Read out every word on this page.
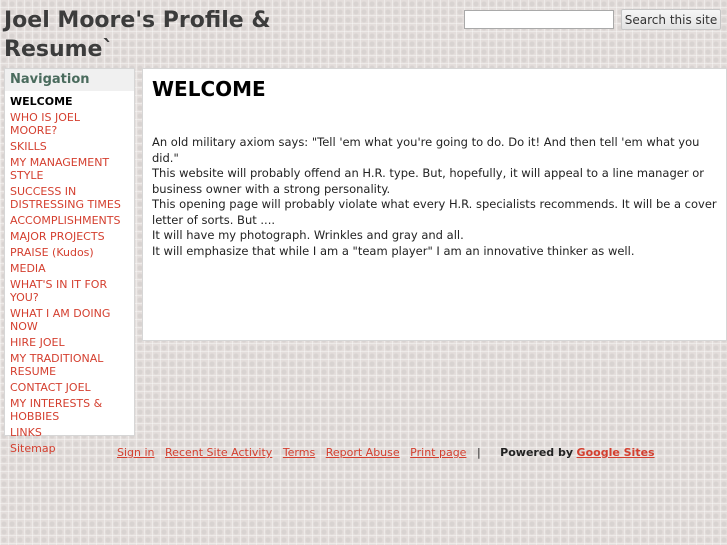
Joel Moore's Profile & Resume`
Search this site
Navigation
WELCOME
WHO IS JOEL MOORE?
SKILLS
MY MANAGEMENT STYLE
SUCCESS IN DISTRESSING TIMES
ACCOMPLISHMENTS
MAJOR PROJECTS
PRAISE (Kudos)
MEDIA
WHAT'S IN IT FOR YOU?
WHAT I AM DOING NOW
HIRE JOEL
MY TRADITIONAL RESUME
CONTACT JOEL
MY INTERESTS & HOBBIES
LINKS
Sitemap
WELCOME

An old military axiom says: "Tell 'em what you're going to do. Do it! And then tell 'em what you did."

This website will probably offend an H.R. type. But, hopefully, it will appeal to a line manager or business owner with a strong personality.

This opening page will probably violate what every H.R. specialists recommends. It will be a cover letter of sorts. But ....

It will have my photograph. Wrinkles and gray and all.

It will emphasize that while I am a "team player" I am an innovative thinker as well.

Sign in Recent Site Activity Terms Report Abuse Print page | Powered by Google Sites
